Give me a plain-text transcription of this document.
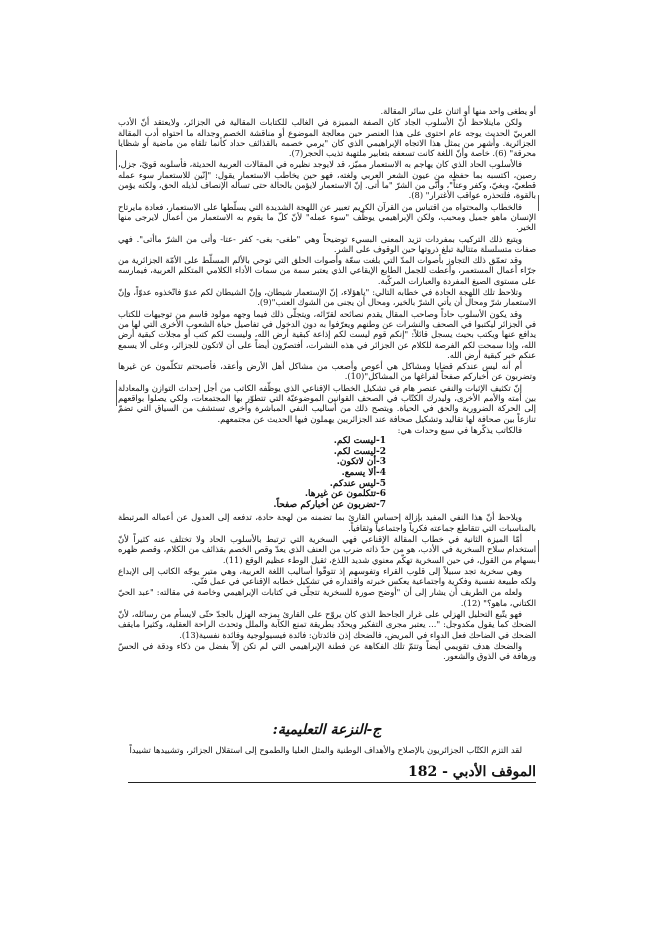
أو يطغى واحد منها أو اثنان على سائر المقالة.

ولكن ماينلاحظ أنّ الأسلوب الجاد كان الصفة المميزة في الغالب للكتابات المقالية في الجزائر، ولايعتقد أنّ الأدب العربيّ الحديث يوجه عام احتوى على هذا العنصر حين معالجة الموضوع أو مناقشة الخصم وجداله ما احتواه أدب المقالة الجزائرية. وأشهر من يمثل هذا الاتجاه الإبراهيمي الذي كان "يرمي خصمه بالقذائف حداد كأنما تلقاه من ماضية أو شظايا محرقة" (6). خاصة وأنّ اللغة كانت تسعفه بتعابير ملتهبة تذيب الحجر(7).

فالأسلوب الحاد الذي كان يهاجم به الاستعمار مميّز، قد لايوجد نظيره في المقالات العربية الحديثة، فأسلوبه قويّ، جزل، رصين، اكتسبه بما حفظه من عيون الشعر العربي ولغته، فهو حين يخاطب الاستعمار يقول: "إنّين للاستعمار سوء عمله قطعيّ، وبغيّ، وكفر وعتاً"، وأنّى من الشرّ "ما أتى. إنّ الاستعمار لايؤمن بالحالة حتى تسأله الإنصاف لذيله الحق، ولكنه يؤمن بالقوة، فلتحذره عواقب الأغترار" (8).

فالخطاب والمحتواه من اقتباس من القرآن الكريم تعبير عن اللهجة الشديدة التي يسلّطها على الاستعمار، فعادة مايرتاح الإنسان ماهو جميل ومحبب، ولكن الإبراهيمي يوظّف "سوء عمله" لأنّ كلّ ما يقوم به الاستعمار من أعمال لايرجى منها الخير.

ويتبع ذلك التركيب بمفردات تزيد المعنى البسيء توضيحاً وهي "طغى- بغى- كفر -عتا- وأتى من الشرّ ماأتى". فهي صفات متسلسلة متتالية تبلغ ذروتها حين الوقوف على الشر.

وقد تعمّق ذلك التجاوز بأصوات المدّ التي بلغت سعّة وأصوات الحلق التي توحي بالألم المسلّط على الأمّة الجزائرية من جرّاء أعمال المستعمر، وأعطت للجمل الطابع الإيقاعي الذي يعتبر سمة من سمات الأداء الكلامي المتكلم العربية، فيمارسه على مستوى الصيغ المفردة والعبارات المركّبة.

وتلاحظ تلك اللهجة الحادة في خطابه التالي: "ياهؤلاء، إنّ الإستعمار شيطان، وإنّ الشيطان لكم عدوّ فاتّخذوه عدوّاً، وإنّ الاستعمار شرّ ومحال أن يأتي الشرّ بالخير، ومحال أن يجنى من الشوك العنب"(9).

وقد يكون الأسلوب حاداً وصاحب المقال يقدم نصائحه لقرّائه، ويتجلّى ذلك فيما وجهه مولود قاسم من توجيهات للكتاب في الجزائر ليكتبوا في الصحف والنشرات عن وطنهم ويعرّفوا به دون الدخول في تفاصيل حياة الشعوب الأخرى التي لها من يدافع عنها ويكتب بحيث يسجل قائلاً: "إنكم قوم ليست لكم إذاعة كبقية أرض الله، وليست لكم كتب أو مجلات كبقية أرض الله، وإذا سمحت لكم الفرصة للكلام عن الجزائر في هذه النشرات، أفتصرّون أيضاً على أن لاتكون للجزائر، وعلى ألا يسمع عنكم خبر كبقية أرض الله.

أم أنه ليس عندكم قضايا ومشاكل هي أعوص وأصعب من مشاكل أهل الأرض وأعقد، فأصبحتم تتكلّمون عن غيرها وتضربون عن أخباركم صفحاً لفراغها من المشاكل"(10).

إنّ تكثيف الإثبات والنفي عنصر هام في تشكيل الخطاب الإقناعي الذي يوظّفه الكاتب من أجل إحداث التوازن والمعادلة بين أمته والأمم الأخرى، وليدرك الكتّاب في الصحف القوانين الموضوعيّة التي تتطوّر بها المجتمعات، ولكي يصلوا بواقعهم إلى الحركة الضرورية والحق في الحياة. ويتصح ذلك من أساليب النفي المباشرة وأخرى تستشف من السياق التي تضمّ تنازعاً بين صحافة لها تقاليد وتشكيل صحافة عند الجزائريين يهملون فيها الحديث عن مجتمعهم.

فالكاتب يذكّرها في سبع وحدات هي:

1-ليست لكم.
2-ليست لكم.
3-أن لاتكون.
4-ألا يسمع.
5-ليس عندكم.
6-تتكلمون عن غيرها.
7-تضربون عن أخباركم صفحاً.

ويلاحظ أنّ هذا النفي المفيد بإزالة إحساس القارئ بما تضمنه من لهجة حادة، تدفعه إلى العدول عن أعماله المرتبطة بالمناسبات التي تتقاطع جماعته فكرياً واجتماعياً وثقافياً.

أمّا الميزة الثانية في خطاب المقالة الإقناعي فهي السخرية التي ترتبط بالأسلوب الحاد ولا تختلف عنه كثيراً لأنّ استخدام سلاح السخرية في الأدب، هو من حدّ ذاته ضرب من العنف الذي يعدّ وقص الخصم بقذائف من الكلام، وقصم ظهره بسهام من القول، في حين السخرية تهكّم معنوي شديد اللذع، ثقيل الوطء عظيم الوقع (11).

وهي سخرية تجد سبيلاً إلى قلوب القراء وتفوسهم إذ تتوقّوا أساليب اللغة العربية، وهي متير يوجّه الكاتب إلى الإبداع ولكه طبيعة نفسية وفكرية واجتماعية يعكس خبرته واقتداره في تشكيل خطابه الإقناعي في عمل فنّي.

ولعله من الطريف أن يشار إلى أن "أوضح صورة للسخرية تتجلّى في كتابات الإبراهيمي وخاصة في مقالته: "عبد الحيّ الكتاني، ماهو؟" (12).

فهو يتّبع التحليل الهزلي على غرار الجاحظ الذي كان يروّح على القارئ بمزجه الهزل بالجدّ حتّى لايسأم من رسائله، لأنّ الضحك كما يقول مكدوجل: "... يعتبر مجرى التفكير ويحدّد بطريقة تمنع الكآبة والملل وتحدث الراحة العقلية، وكثيرا مايقف الضحك في الضاحك فعل الدواء في المريض، فالضحك إذن فائدتان: فائدة فيسيولوجية وفائدة نفسية(13).

والضحك هدف تقويمي أيضاً وتتمّ تلك الفكاهة عن فطنة الإبراهيمي التي لم تكن إلاّ بفضل من ذكاء ودقة في الحسّ ورهافة في الذوق والشعور.

ج-النزعة التعليمية:
لقد التزم الكتّاب الجزائريون بالإصلاح والأهداف الوطنية والمثل العليا والطموح إلى استقلال الجزائر، وتشييدها تشييداً
الموقف الأدبي - 182
